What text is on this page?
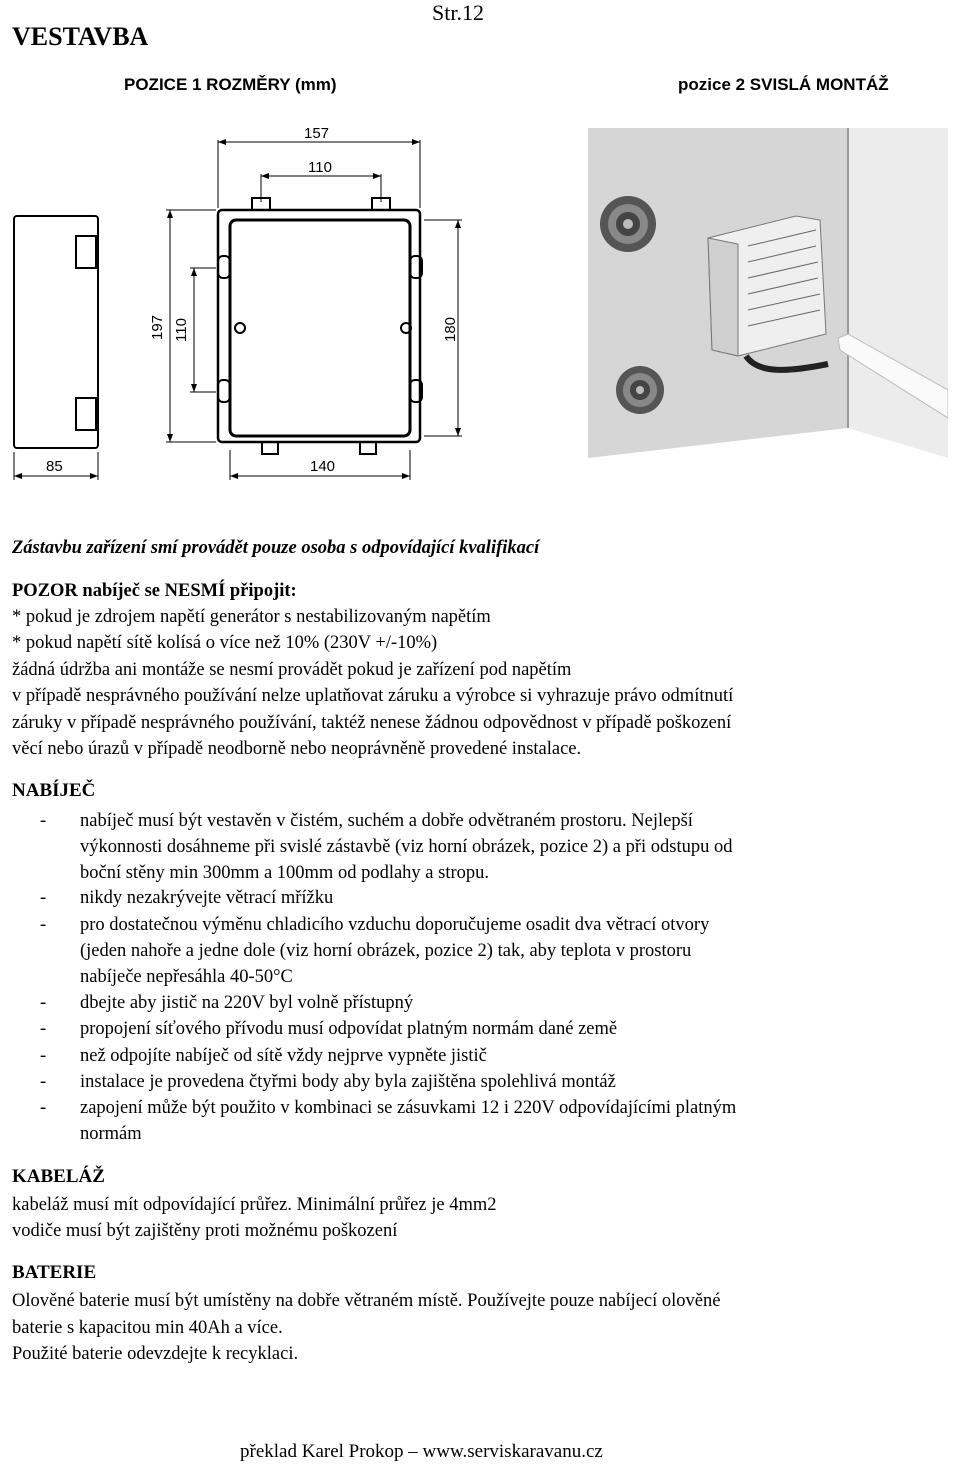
VESTAVBA
Str.12
POZICE 1 ROZMĚRY (mm)	pozice 2 SVISLÁ MONTÁŽ
157
110
197 110	180
85	140
Zástavbu zařízení smí provádět pouze osoba s odpovídající kvalifikací
POZOR nabíječ se NESMÍ připojit:
* pokud je zdrojem napětí generátor s nestabilizovaným napětím
* pokud napětí sítě kolísá o více než 10% (230V +/-10%)
žádná údržba ani montáže se nesmí provádět pokud je zařízení pod napětím
v případě nesprávného používání nelze uplatňovat záruku a výrobce si vyhrazuje právo odmítnutí
záruky v případě nesprávného používání, taktéž nenese žádnou odpovědnost v případě poškození
věcí nebo úrazů v případě neodborně nebo neoprávněně provedené instalace.
NABÍJEČ
- nabíječ musí být vestavěn v čistém, suchém a dobře odvětraném prostoru. Nejlepší
výkonnosti dosáhneme při svislé zástavbě (viz horní obrázek, pozice 2) a při odstupu od
boční stěny min 300mm a 100mm od podlahy a stropu.
- nikdy nezakrývejte větrací mřížku
- pro dostatečnou výměnu chladicího vzduchu doporučujeme osadit dva větrací otvory
(jeden nahoře a jedne dole (viz horní obrázek, pozice 2) tak, aby teplota v prostoru
nabíječe nepřesáhla 40-50°C
- dbejte aby jistič na 220V byl volně přístupný
- propojení síťového přívodu musí odpovídat platným normám dané země
- než odpojíte nabíječ od sítě vždy nejprve vypněte jistič
- instalace je provedena čtyřmi body aby byla zajištěna spolehlivá montáž
- zapojení může být použito v kombinaci se zásuvkami 12 i 220V odpovídajícími platným
normám
KABELÁŽ
kabeláž musí mít odpovídající průřez. Minimální průřez je 4mm2
vodiče musí být zajištěny proti možnému poškození
BATERIE
Olověné baterie musí být umístěny na dobře větraném místě. Používejte pouze nabíjecí olověné
baterie s kapacitou min 40Ah a více.
Použité baterie odevzdejte k recyklaci.
překlad Karel Prokop – www.serviskaravanu.cz
